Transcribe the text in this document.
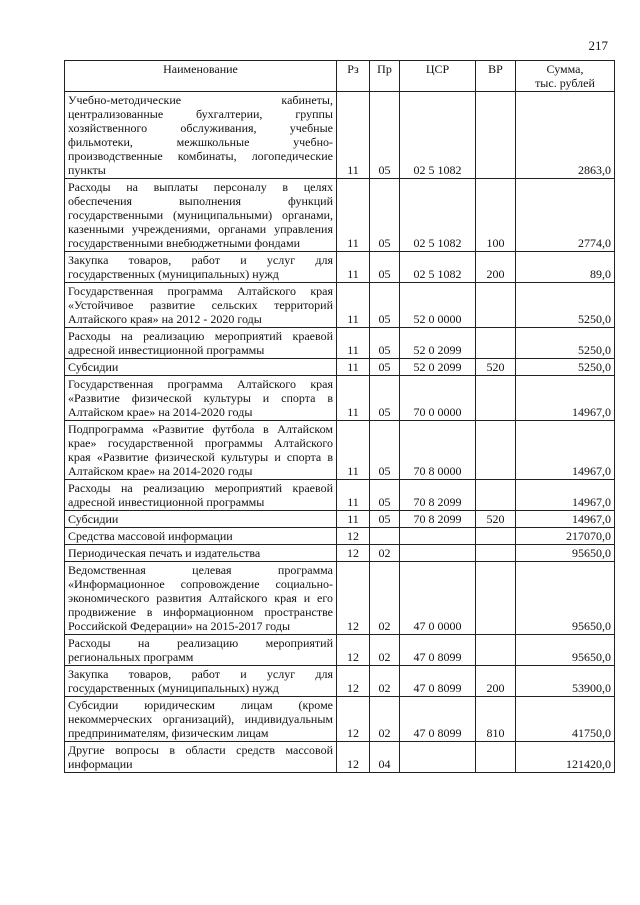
217
Наименование	Рз	Пр	ЦСР	ВР	Сумма,
тыс. рублей

Учебно-методические кабинеты, централизованные бухгалтерии, группы хозяйственного обслуживания, учебные фильмотеки, межшкольные учебно-производственные комбинаты, логопедические пункты	11	05	02 5 1082		2863,0
Расходы на выплаты персоналу в целях обеспечения выполнения функций государственными (муниципальными) органами, казенными учреждениями, органами управления государственными внебюджетными фондами	11	05	02 5 1082	100	2774,0
Закупка товаров, работ и услуг для государственных (муниципальных) нужд	11	05	02 5 1082	200	89,0
Государственная программа Алтайского края «Устойчивое развитие сельских территорий Алтайского края» на 2012 - 2020 годы	11	05	52 0 0000		5250,0
Расходы на реализацию мероприятий краевой адресной инвестиционной программы	11	05	52 0 2099		5250,0
Субсидии	11	05	52 0 2099	520	5250,0
Государственная программа Алтайского края «Развитие физической культуры и спорта в Алтайском крае» на 2014-2020 годы	11	05	70 0 0000		14967,0
Подпрограмма «Развитие футбола в Алтайском крае» государственной программы Алтайского края «Развитие физической культуры и спорта в Алтайском крае» на 2014-2020 годы	11	05	70 8 0000		14967,0
Расходы на реализацию мероприятий краевой адресной инвестиционной программы	11	05	70 8 2099		14967,0
Субсидии	11	05	70 8 2099	520	14967,0
Средства массовой информации	12				217070,0
Периодическая печать и издательства	12	02			95650,0
Ведомственная целевая программа «Информационное сопровождение социально-экономического развития Алтайского края и его продвижение в информационном пространстве Российской Федерации» на 2015-2017 годы	12	02	47 0 0000		95650,0
Расходы на реализацию мероприятий региональных программ	12	02	47 0 8099		95650,0
Закупка товаров, работ и услуг для государственных (муниципальных) нужд	12	02	47 0 8099	200	53900,0
Субсидии юридическим лицам (кроме некоммерческих организаций), индивидуальным предпринимателям, физическим лицам	12	02	47 0 8099	810	41750,0
Другие вопросы в области средств массовой информации	12	04			121420,0
